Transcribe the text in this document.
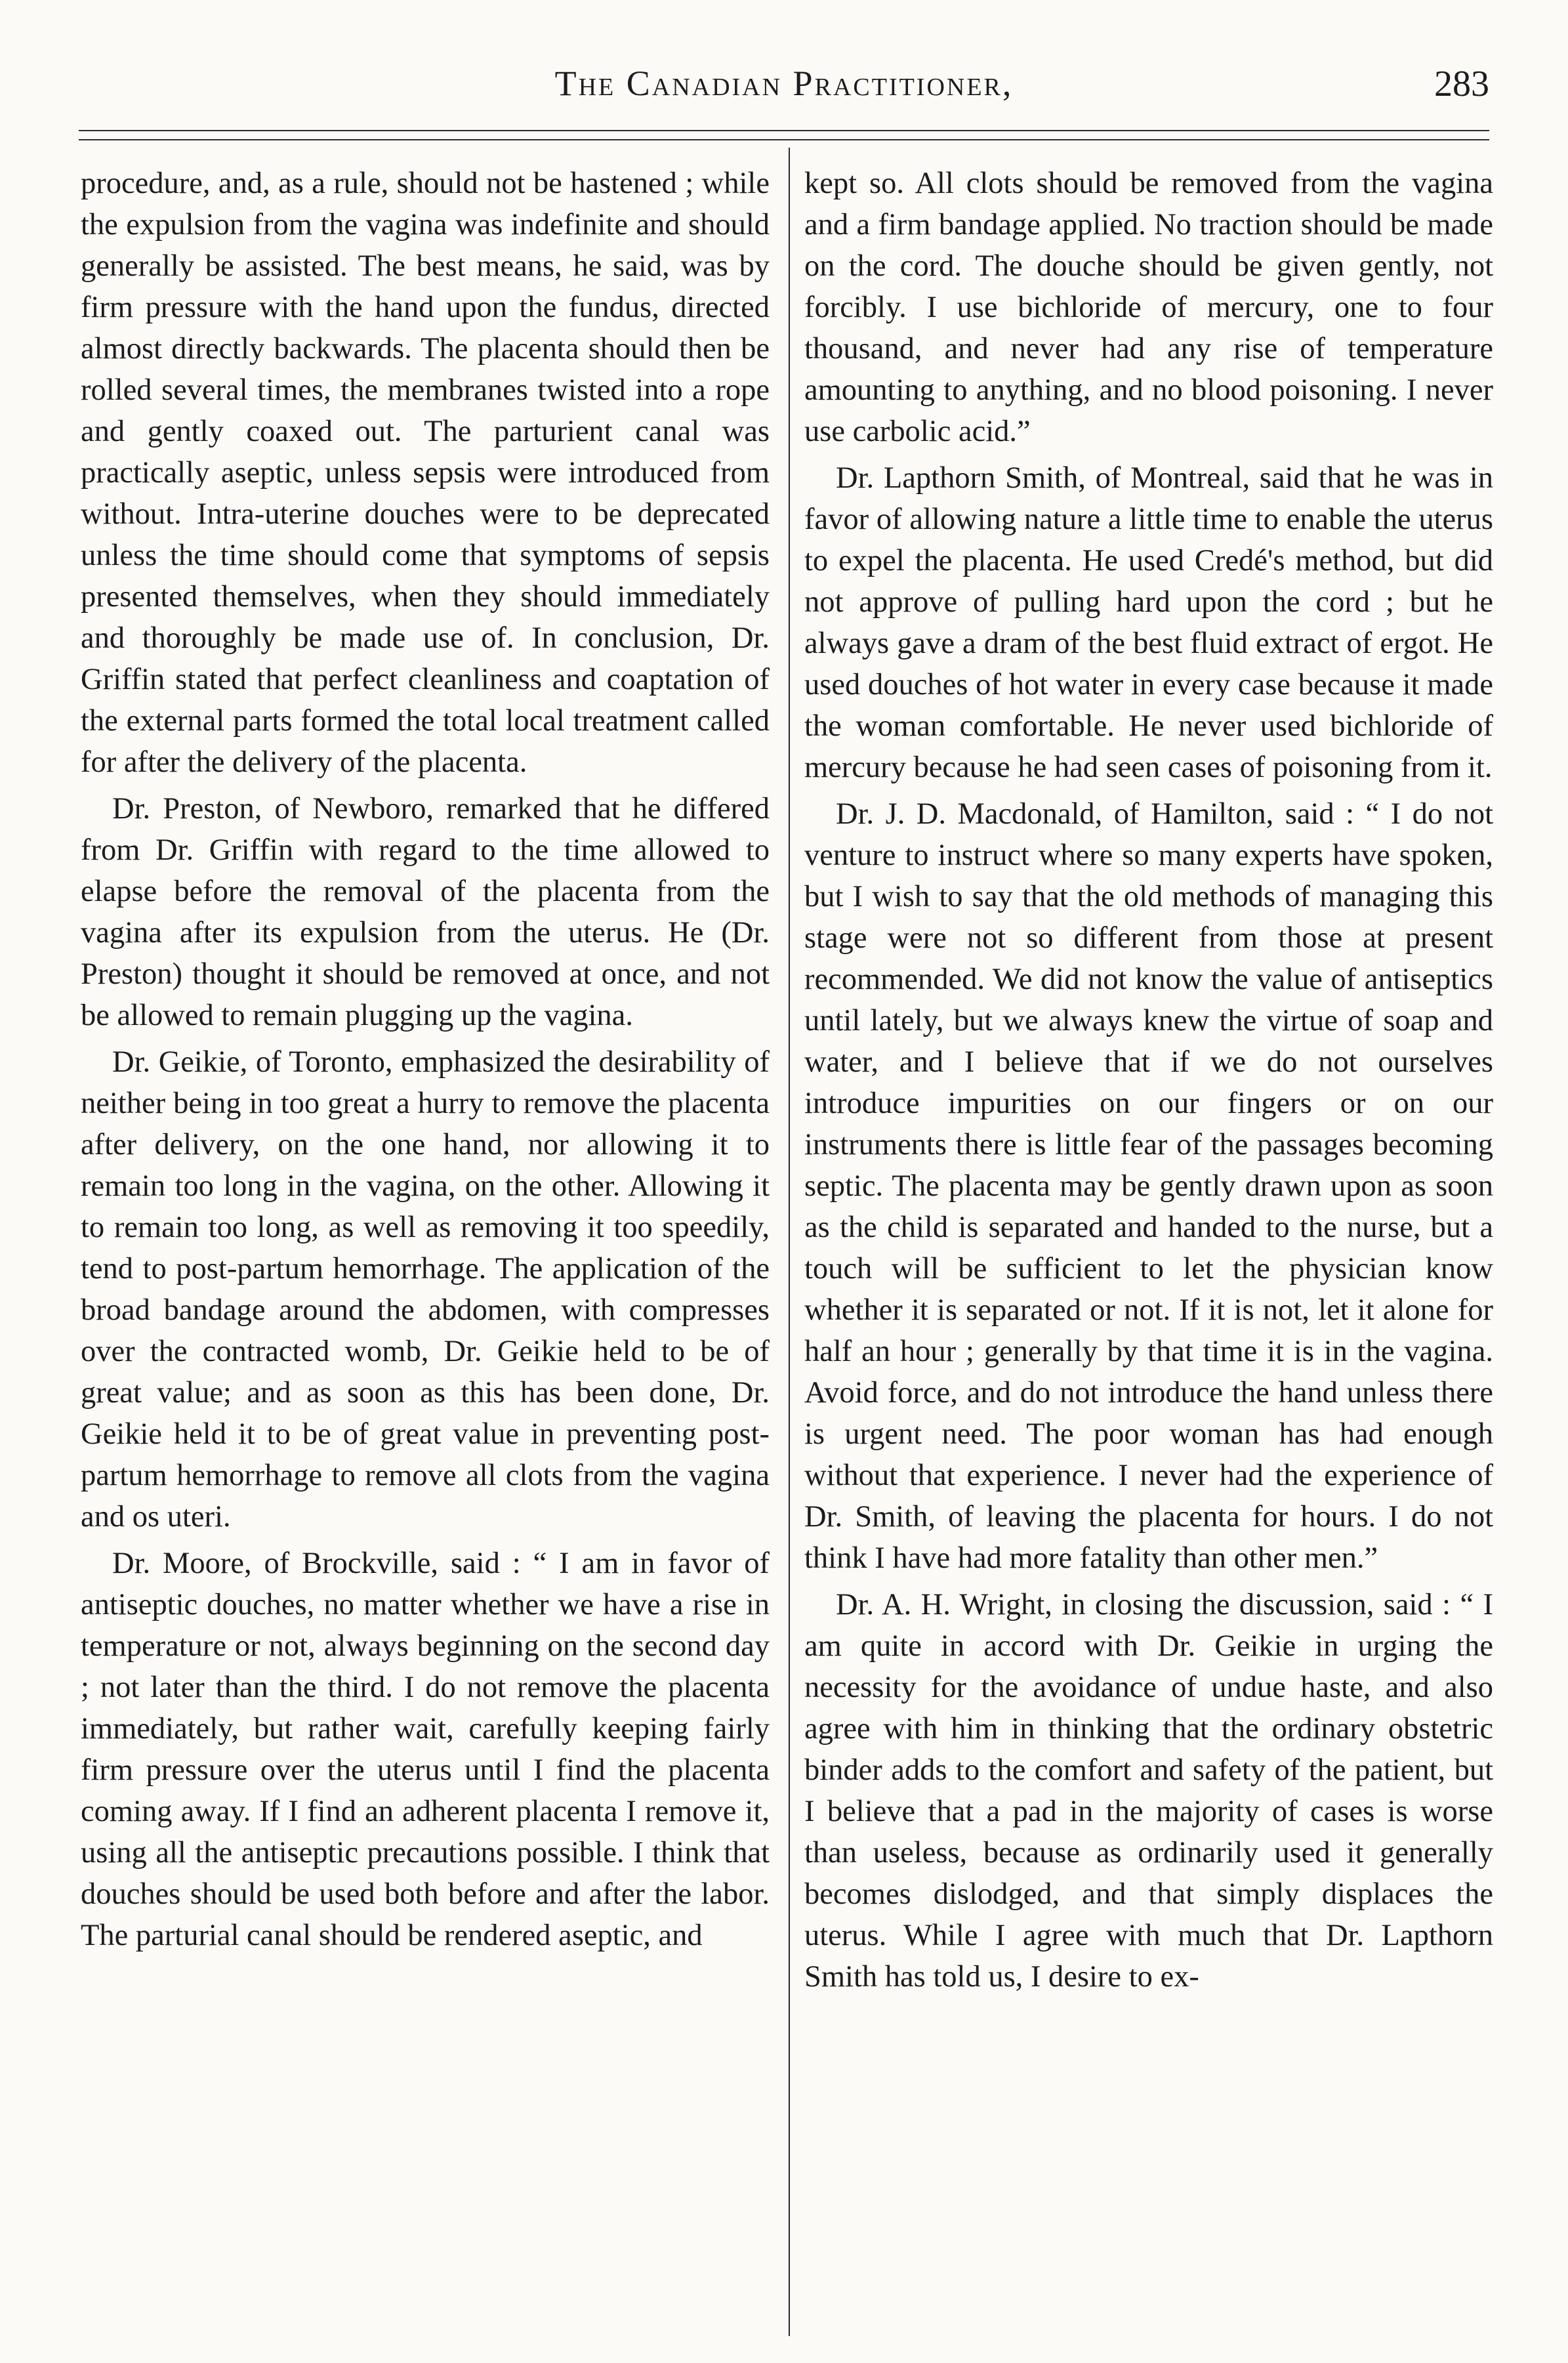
The Canadian Practitioner,	283

procedure, and, as a rule, should not be hastened ; while the expulsion from the vagina was indefinite and should generally be assisted. The best means, he said, was by firm pressure with the hand upon the fundus, directed almost directly backwards. The placenta should then be rolled several times, the membranes twisted into a rope and gently coaxed out. The parturient canal was practically aseptic, unless sepsis were introduced from without. Intra-uterine douches were to be deprecated unless the time should come that symptoms of sepsis presented themselves, when they should immediately and thoroughly be made use of. In conclusion, Dr. Griffin stated that perfect cleanliness and coaptation of the external parts formed the total local treatment called for after the delivery of the placenta.

Dr. Preston, of Newboro, remarked that he differed from Dr. Griffin with regard to the time allowed to elapse before the removal of the placenta from the vagina after its expulsion from the uterus. He (Dr. Preston) thought it should be removed at once, and not be allowed to remain plugging up the vagina.

Dr. Geikie, of Toronto, emphasized the desirability of neither being in too great a hurry to remove the placenta after delivery, on the one hand, nor allowing it to remain too long in the vagina, on the other. Allowing it to remain too long, as well as removing it too speedily, tend to post-partum hemorrhage. The application of the broad bandage around the abdomen, with compresses over the contracted womb, Dr. Geikie held to be of great value; and as soon as this has been done, Dr. Geikie held it to be of great value in preventing post-partum hemorrhage to remove all clots from the vagina and os uteri.

Dr. Moore, of Brockville, said : “ I am in favor of antiseptic douches, no matter whether we have a rise in temperature or not, always beginning on the second day ; not later than the third. I do not remove the placenta immediately, but rather wait, carefully keeping fairly firm pressure over the uterus until I find the placenta coming away. If I find an adherent placenta I remove it, using all the antiseptic precautions possible. I think that douches should be used both before and after the labor. The parturial canal should be rendered aseptic, and

kept so. All clots should be removed from the vagina and a firm bandage applied. No traction should be made on the cord. The douche should be given gently, not forcibly. I use bichloride of mercury, one to four thousand, and never had any rise of temperature amounting to anything, and no blood poisoning. I never use carbolic acid.”

Dr. Lapthorn Smith, of Montreal, said that he was in favor of allowing nature a little time to enable the uterus to expel the placenta. He used Credé's method, but did not approve of pulling hard upon the cord ; but he always gave a dram of the best fluid extract of ergot. He used douches of hot water in every case because it made the woman comfortable. He never used bichloride of mercury because he had seen cases of poisoning from it.

Dr. J. D. Macdonald, of Hamilton, said : “ I do not venture to instruct where so many experts have spoken, but I wish to say that the old methods of managing this stage were not so different from those at present recommended. We did not know the value of antiseptics until lately, but we always knew the virtue of soap and water, and I believe that if we do not ourselves introduce impurities on our fingers or on our instruments there is little fear of the passages becoming septic. The placenta may be gently drawn upon as soon as the child is separated and handed to the nurse, but a touch will be sufficient to let the physician know whether it is separated or not. If it is not, let it alone for half an hour ; generally by that time it is in the vagina. Avoid force, and do not introduce the hand unless there is urgent need. The poor woman has had enough without that experience. I never had the experience of Dr. Smith, of leaving the placenta for hours. I do not think I have had more fatality than other men.”

Dr. A. H. Wright, in closing the discussion, said : “ I am quite in accord with Dr. Geikie in urging the necessity for the avoidance of undue haste, and also agree with him in thinking that the ordinary obstetric binder adds to the comfort and safety of the patient, but I believe that a pad in the majority of cases is worse than useless, because as ordinarily used it generally becomes dislodged, and that simply displaces the uterus. While I agree with much that Dr. Lapthorn Smith has told us, I desire to ex-
